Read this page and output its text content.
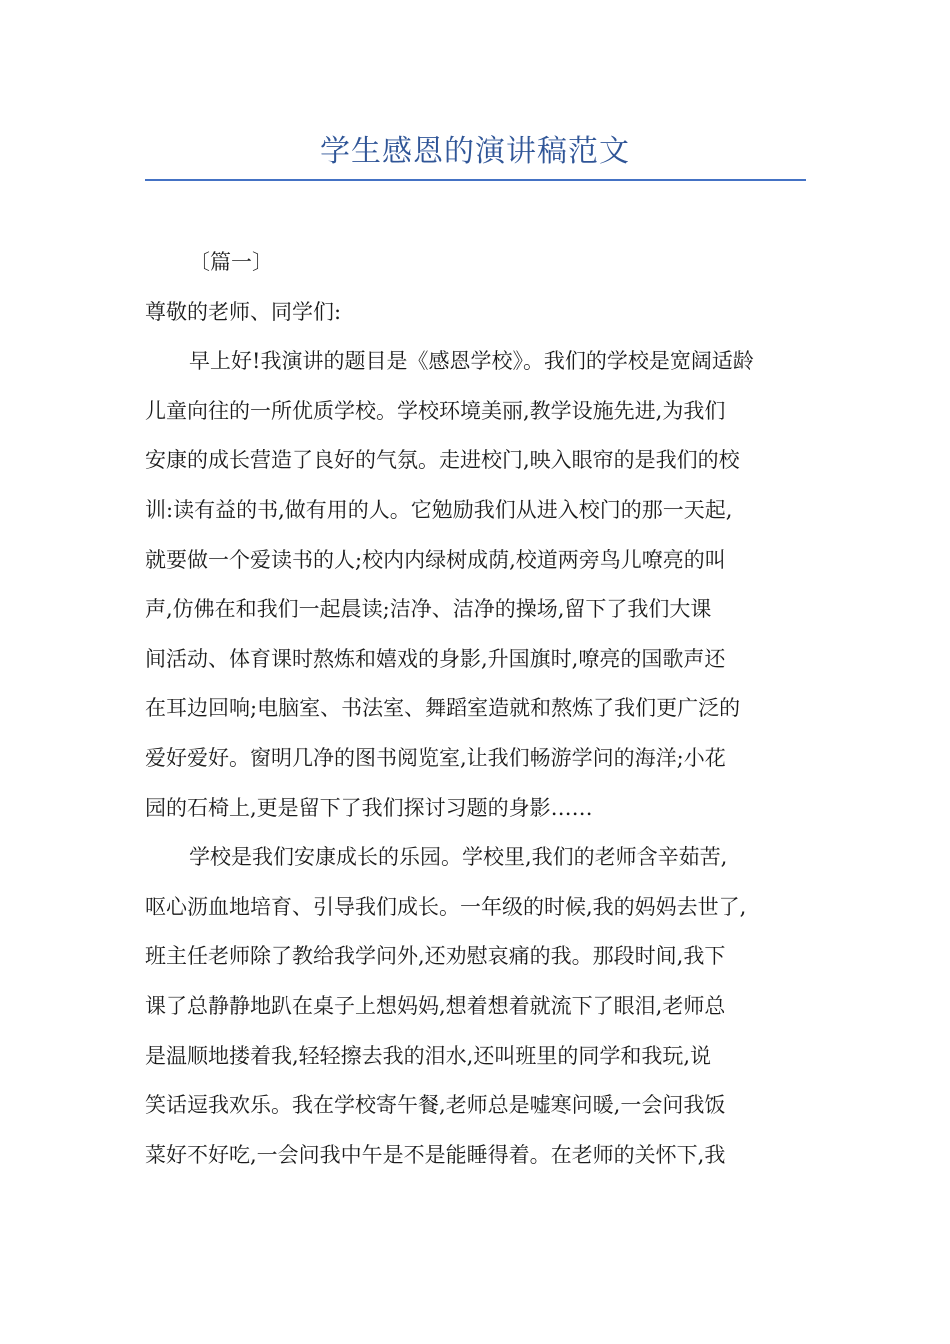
学生感恩的演讲稿范文
〔篇一〕
尊敬的老师、同学们:
早上好!我演讲的题目是《感恩学校》。我们的学校是宽阔适龄
儿童向往的一所优质学校。学校环境美丽,教学设施先进,为我们
安康的成长营造了良好的气氛。走进校门,映入眼帘的是我们的校
训:读有益的书,做有用的人。它勉励我们从进入校门的那一天起,
就要做一个爱读书的人;校内内绿树成荫,校道两旁鸟儿嘹亮的叫
声,仿佛在和我们一起晨读;洁净、洁净的操场,留下了我们大课
间活动、体育课时熬炼和嬉戏的身影,升国旗时,嘹亮的国歌声还
在耳边回响;电脑室、书法室、舞蹈室造就和熬炼了我们更广泛的
爱好爱好。窗明几净的图书阅览室,让我们畅游学问的海洋;小花
园的石椅上,更是留下了我们探讨习题的身影……
学校是我们安康成长的乐园。学校里,我们的老师含辛茹苦,
呕心沥血地培育、引导我们成长。一年级的时候,我的妈妈去世了,
班主任老师除了教给我学问外,还劝慰哀痛的我。那段时间,我下
课了总静静地趴在桌子上想妈妈,想着想着就流下了眼泪,老师总
是温顺地搂着我,轻轻擦去我的泪水,还叫班里的同学和我玩,说
笑话逗我欢乐。我在学校寄午餐,老师总是嘘寒问暖,一会问我饭
菜好不好吃,一会问我中午是不是能睡得着。在老师的关怀下,我
